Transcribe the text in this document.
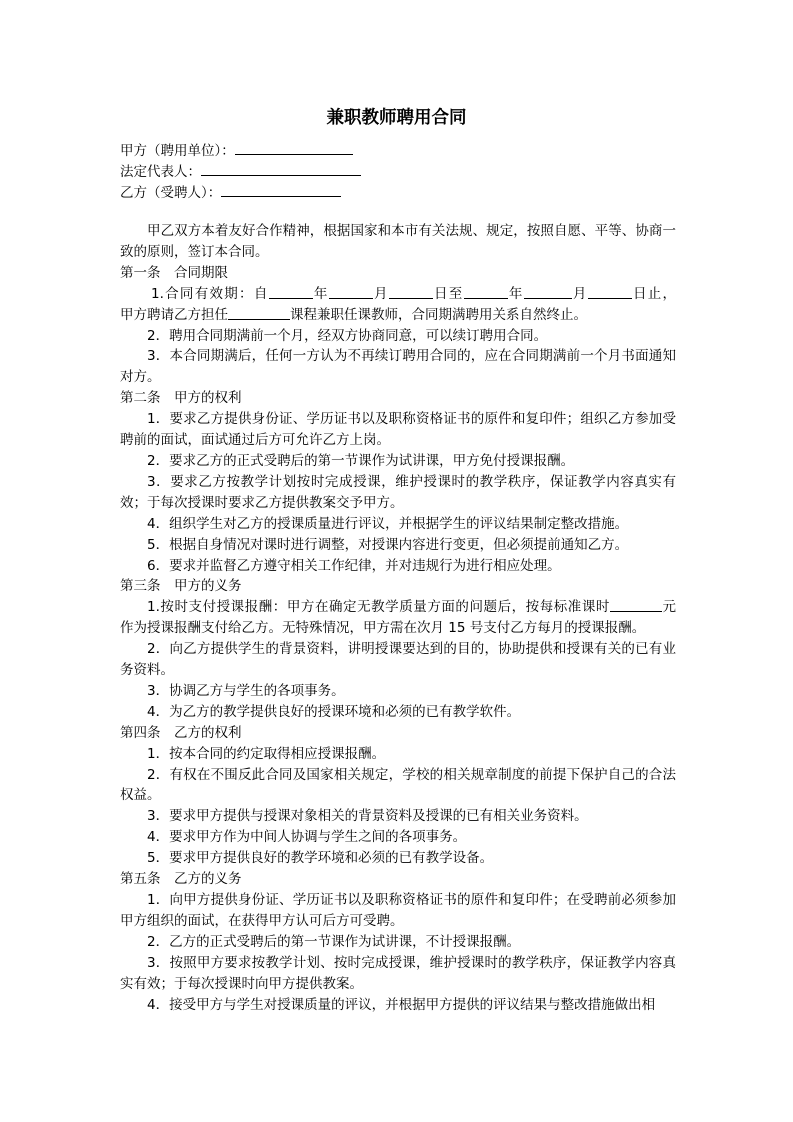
兼职教师聘用合同
甲方（聘用单位）：
法定代表人：
乙方（受聘人）：

甲乙双方本着友好合作精神，根据国家和本市有关法规、规定，按照自愿、平等、协商一致的原则，签订本合同。

第一条　合同期限

1.合同有效期：自	年	月	日至	年	月	日止，

甲方聘请乙方担任	课程兼职任课教师，合同期满聘用关系自然终止。

2．聘用合同期满前一个月，经双方协商同意，可以续订聘用合同。

3．本合同期满后，任何一方认为不再续订聘用合同的，应在合同期满前一个月书面通知对方。

第二条　甲方的权利

1．要求乙方提供身份证、学历证书以及职称资格证书的原件和复印件；组织乙方参加受聘前的面试，面试通过后方可允许乙方上岗。

2．要求乙方的正式受聘后的第一节课作为试讲课，甲方免付授课报酬。

3．要求乙方按教学计划按时完成授课，维护授课时的教学秩序，保证教学内容真实有效；于每次授课时要求乙方提供教案交予甲方。

4．组织学生对乙方的授课质量进行评议，并根据学生的评议结果制定整改措施。

5．根据自身情况对课时进行调整，对授课内容进行变更，但必须提前通知乙方。

6．要求并监督乙方遵守相关工作纪律，并对违规行为进行相应处理。

第三条　甲方的义务

1.按时支付授课报酬：甲方在确定无教学质量方面的问题后，按每标准课时	元

作为授课报酬支付给乙方。无特殊情况，甲方需在次月 15 号支付乙方每月的授课报酬。

2．向乙方提供学生的背景资料，讲明授课要达到的目的，协助提供和授课有关的已有业务资料。

3．协调乙方与学生的各项事务。

4．为乙方的教学提供良好的授课环境和必须的已有教学软件。

第四条　乙方的权利

1．按本合同的约定取得相应授课报酬。

2．有权在不围反此合同及国家相关规定，学校的相关规章制度的前提下保护自己的合法权益。

3．要求甲方提供与授课对象相关的背景资料及授课的已有相关业务资料。

4．要求甲方作为中间人协调与学生之间的各项事务。

5．要求甲方提供良好的教学环境和必须的已有教学设备。

第五条　乙方的义务

1．向甲方提供身份证、学历证书以及职称资格证书的原件和复印件；在受聘前必须参加甲方组织的面试，在获得甲方认可后方可受聘。

2．乙方的正式受聘后的第一节课作为试讲课，不计授课报酬。

3．按照甲方要求按教学计划、按时完成授课，维护授课时的教学秩序，保证教学内容真实有效；于每次授课时向甲方提供教案。

4．接受甲方与学生对授课质量的评议，并根据甲方提供的评议结果与整改措施做出相
